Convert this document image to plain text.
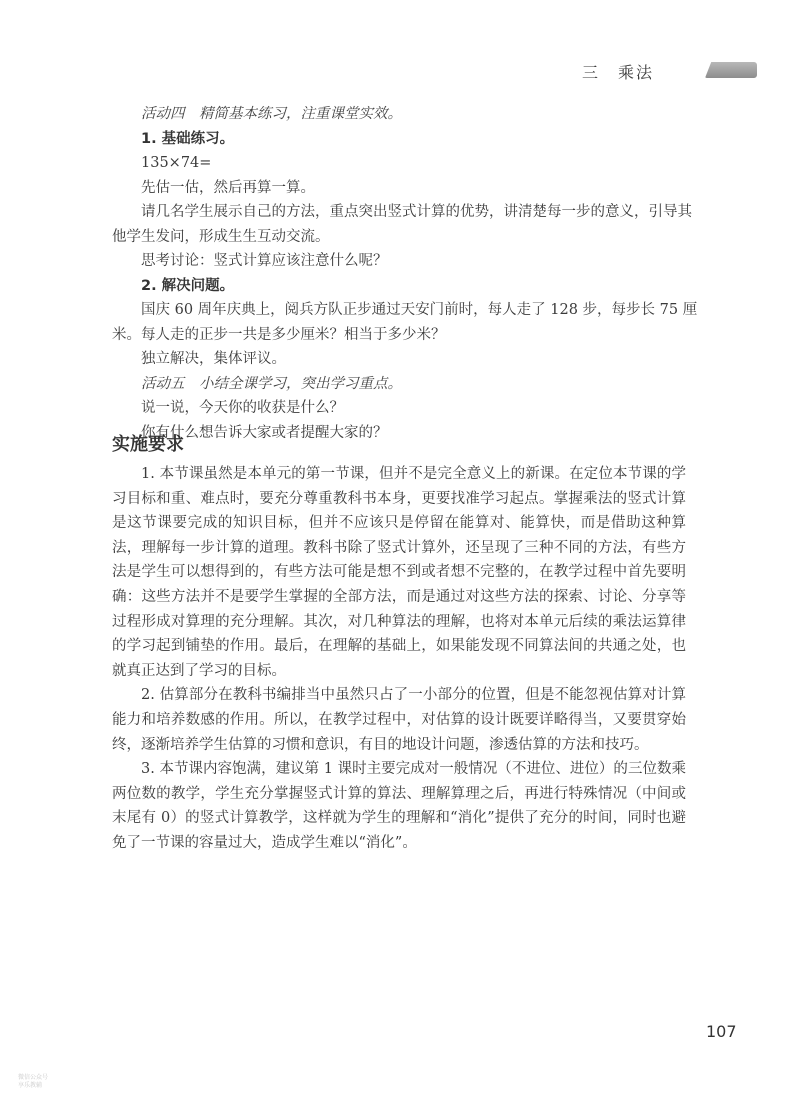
三　乘法

活动四　精简基本练习，注重课堂实效。

1. 基础练习。

135×74=

先估一估，然后再算一算。

请几名学生展示自己的方法，重点突出竖式计算的优势，讲清楚每一步的意义，引导其

他学生发问，形成生生互动交流。

思考讨论：竖式计算应该注意什么呢？

2. 解决问题。

国庆 60 周年庆典上，阅兵方队正步通过天安门前时，每人走了 128 步，每步长 75 厘

米。每人走的正步一共是多少厘米？相当于多少米？

独立解决，集体评议。

活动五　小结全课学习，突出学习重点。

说一说，今天你的收获是什么？

你有什么想告诉大家或者提醒大家的？

实施要求

1. 本节课虽然是本单元的第一节课，但并不是完全意义上的新课。在定位本节课的学习目标和重、难点时，要充分尊重教科书本身，更要找准学习起点。掌握乘法的竖式计算是这节课要完成的知识目标，但并不应该只是停留在能算对、能算快，而是借助这种算法，理解每一步计算的道理。教科书除了竖式计算外，还呈现了三种不同的方法，有些方法是学生可以想得到的，有些方法可能是想不到或者想不完整的，在教学过程中首先要明确：这些方法并不是要学生掌握的全部方法，而是通过对这些方法的探索、讨论、分享等过程形成对算理的充分理解。其次，对几种算法的理解，也将对本单元后续的乘法运算律的学习起到铺垫的作用。最后，在理解的基础上，如果能发现不同算法间的共通之处，也就真正达到了学习的目标。

2. 估算部分在教科书编排当中虽然只占了一小部分的位置，但是不能忽视估算对计算能力和培养数感的作用。所以，在教学过程中，对估算的设计既要详略得当，又要贯穿始终，逐渐培养学生估算的习惯和意识，有目的地设计问题，渗透估算的方法和技巧。

3. 本节课内容饱满，建议第 1 课时主要完成对一般情况（不进位、进位）的三位数乘两位数的教学，学生充分掌握竖式计算的算法、理解算理之后，再进行特殊情况（中间或末尾有 0）的竖式计算教学，这样就为学生的理解和“消化”提供了充分的时间，同时也避免了一节课的容量过大，造成学生难以“消化”。

107
微信公众号
享乐教辅
